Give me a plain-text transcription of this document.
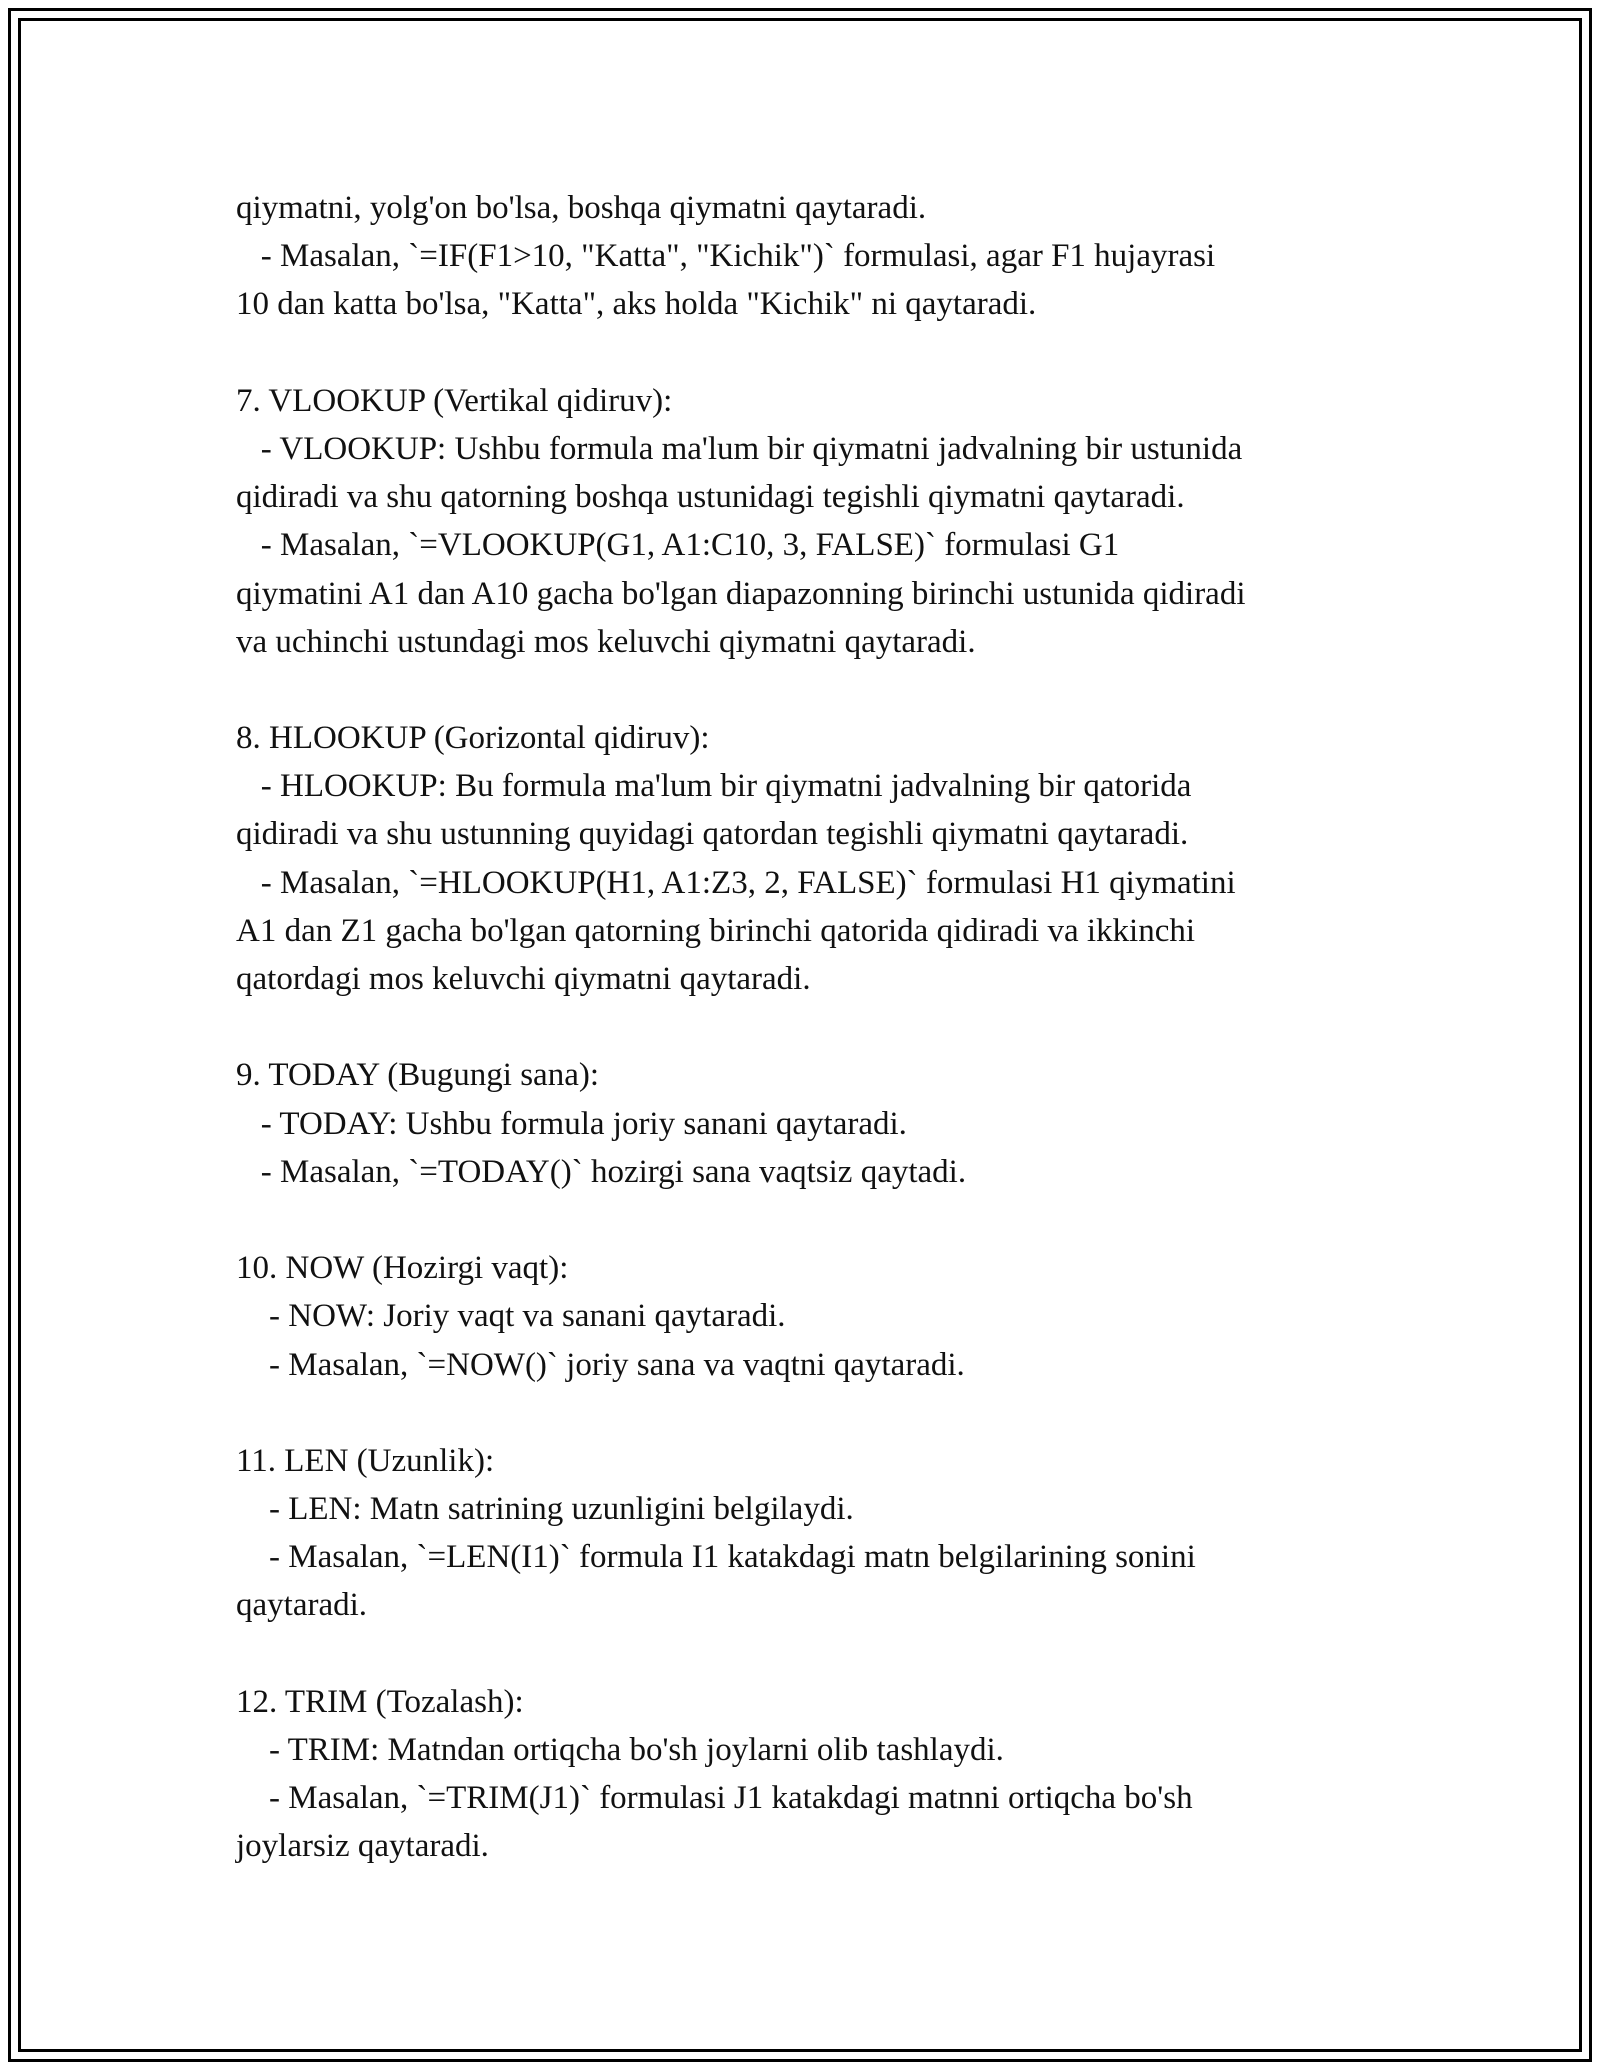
qiymatni, yolg'on bo'lsa, boshqa qiymatni qaytaradi.
- Masalan, `=IF(F1>10, "Katta", "Kichik")` formulasi, agar F1 hujayrasi
10 dan katta bo'lsa, "Katta", aks holda "Kichik" ni qaytaradi.
7. VLOOKUP (Vertikal qidiruv):
- VLOOKUP: Ushbu formula ma'lum bir qiymatni jadvalning bir ustunida
qidiradi va shu qatorning boshqa ustunidagi tegishli qiymatni qaytaradi.
- Masalan, `=VLOOKUP(G1, A1:C10, 3, FALSE)` formulasi G1
qiymatini A1 dan A10 gacha bo'lgan diapazonning birinchi ustunida qidiradi
va uchinchi ustundagi mos keluvchi qiymatni qaytaradi.
8. HLOOKUP (Gorizontal qidiruv):
- HLOOKUP: Bu formula ma'lum bir qiymatni jadvalning bir qatorida
qidiradi va shu ustunning quyidagi qatordan tegishli qiymatni qaytaradi.
- Masalan, `=HLOOKUP(H1, A1:Z3, 2, FALSE)` formulasi H1 qiymatini
A1 dan Z1 gacha bo'lgan qatorning birinchi qatorida qidiradi va ikkinchi
qatordagi mos keluvchi qiymatni qaytaradi.
9. TODAY (Bugungi sana):
- TODAY: Ushbu formula joriy sanani qaytaradi.
- Masalan, `=TODAY()` hozirgi sana vaqtsiz qaytadi.
10. NOW (Hozirgi vaqt):
- NOW: Joriy vaqt va sanani qaytaradi.
- Masalan, `=NOW()` joriy sana va vaqtni qaytaradi.
11. LEN (Uzunlik):
- LEN: Matn satrining uzunligini belgilaydi.
- Masalan, `=LEN(I1)` formula I1 katakdagi matn belgilarining sonini
qaytaradi.
12. TRIM (Tozalash):
- TRIM: Matndan ortiqcha bo'sh joylarni olib tashlaydi.
- Masalan, `=TRIM(J1)` formulasi J1 katakdagi matnni ortiqcha bo'sh
joylarsiz qaytaradi.
